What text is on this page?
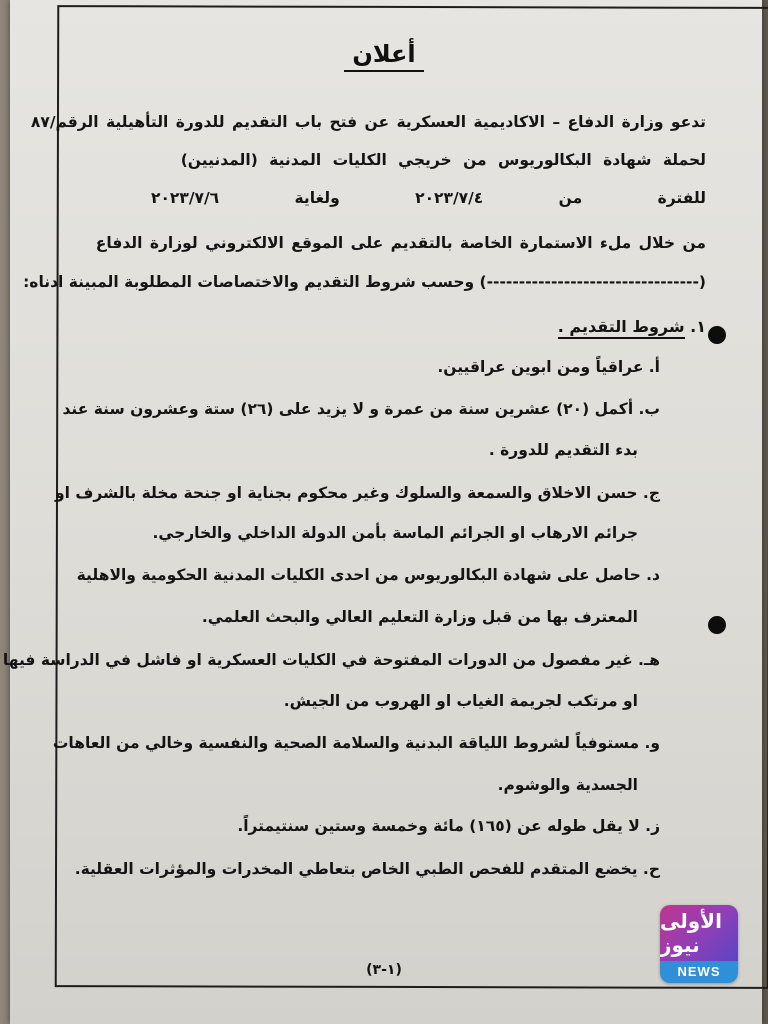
أعلان
تدعو وزارة الدفاع – الاكاديمية العسكرية عن فتح باب التقديم للدورة التأهيلية الرقم/٨٧
لحملة شهادة البكالوريوس من خريجي الكليات المدنية (المدنيين)
للفترة من ٢٠٢٣/٧/٤ ولغاية ٢٠٢٣/٧/٦
من خلال ملء الاستمارة الخاصة بالتقديم على الموقع الالكتروني لوزارة الدفاع
(---------------------------------) وحسب شروط التقديم والاختصاصات المطلوبة المبينة ادناه:
١. شروط التقديم .
أ. عراقياً ومن ابوين عراقيين.
ب. أكمل (٢٠) عشرين سنة من عمرة و لا يزيد على (٢٦) ستة وعشرون سنة عند
بدء التقديم للدورة .
ج. حسن الاخلاق والسمعة والسلوك وغير محكوم بجناية او جنحة مخلة بالشرف او
جرائم الارهاب او الجرائم الماسة بأمن الدولة الداخلي والخارجي.
د. حاصل على شهادة البكالوريوس من احدى الكليات المدنية الحكومية والاهلية
المعترف بها من قبل وزارة التعليم العالي والبحث العلمي.
هـ. غير مفصول من الدورات المفتوحة في الكليات العسكرية او فاشل في الدراسة فيها
او مرتكب لجريمة الغياب او الهروب من الجيش.
و. مستوفياً لشروط اللياقة البدنية والسلامة الصحية والنفسية وخالي من العاهات
الجسدية والوشوم.
ز. لا يقل طوله عن (١٦٥) مائة وخمسة وستين سنتيمتراً.
ح. يخضع المتقدم للفحص الطبي الخاص بتعاطي المخدرات والمؤثرات العقلية.
(١-٣)
الأولى نيوز
NEWS
